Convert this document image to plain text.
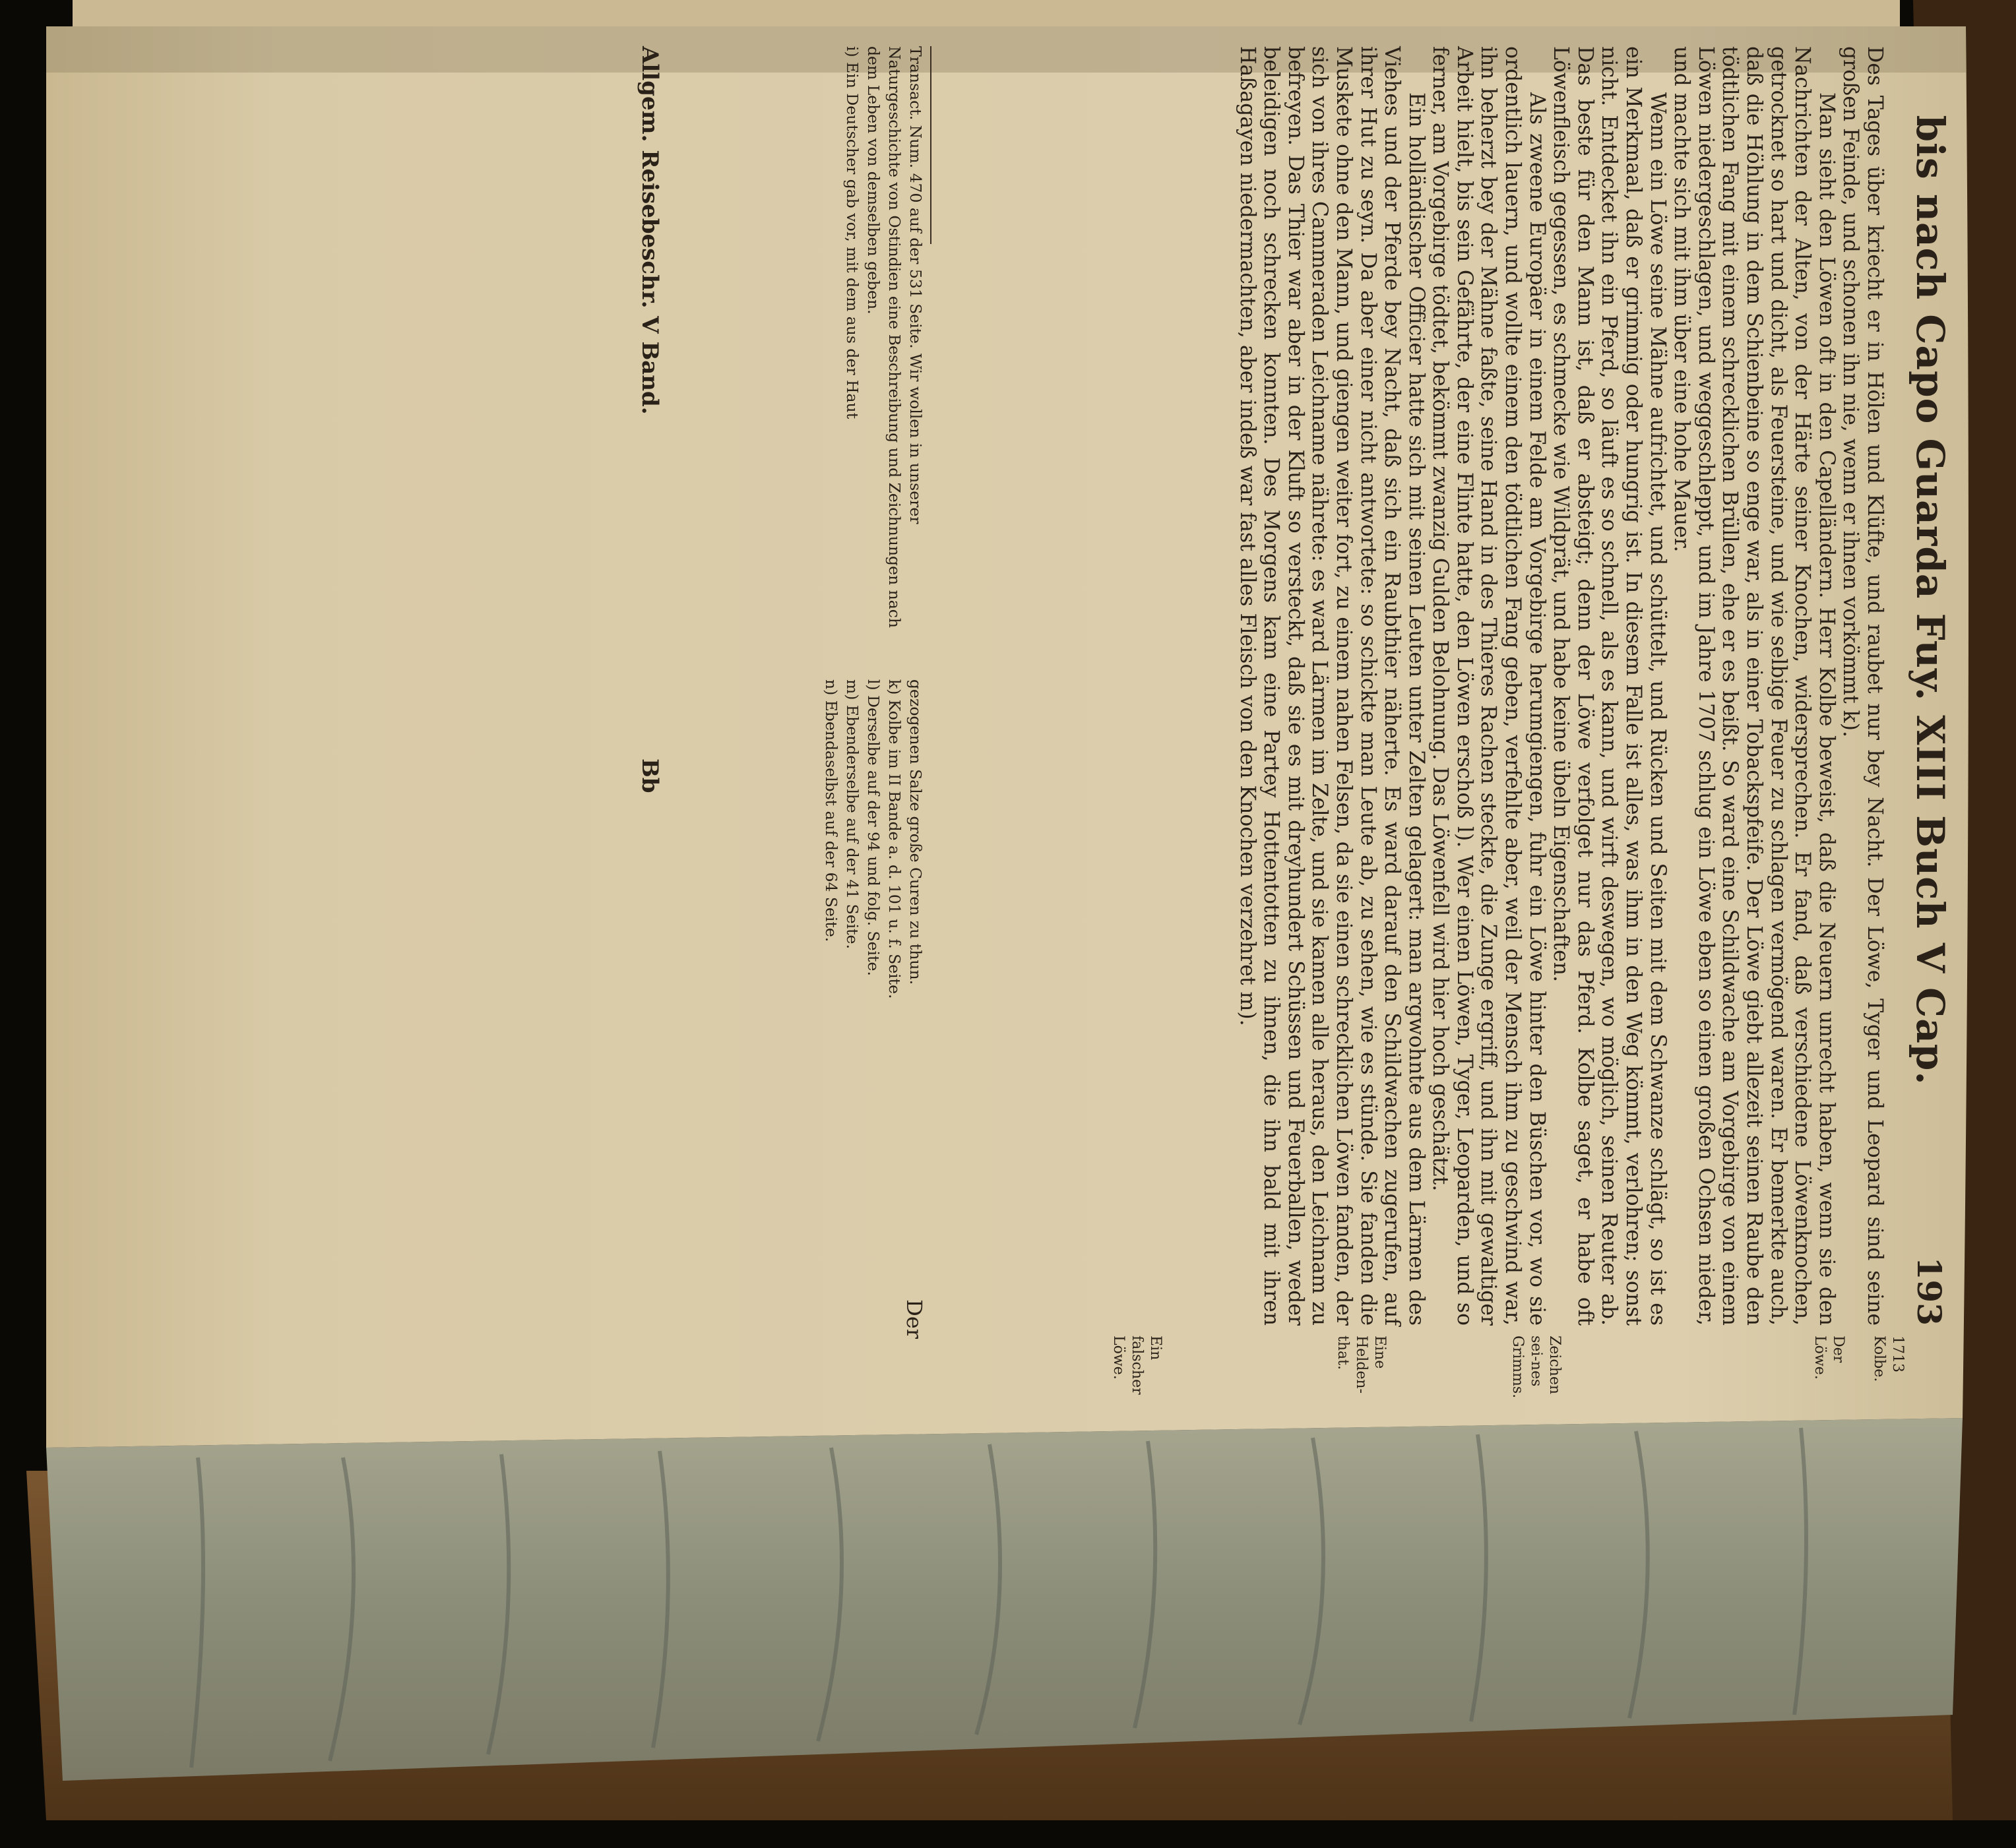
bis nach Capo Guarda Fuy. XIII Buch V Cap.
193
1713 Kolbe.
Der Löwe.
Zeichen sei-nes Grimms.
Eine Helden-that.
Ein falscher Löwe.

Des Tages über kriecht er in Hölen und Klüfte, und raubet nur bey Nacht. Der Löwe, Tyger und Leopard sind seine großen Feinde, und schonen ihn nie, wenn er ihnen vorkömmt k).

Man sieht den Löwen oft in den Capelländern. Herr Kolbe beweist, daß die Neuern unrecht haben, wenn sie den Nachrichten der Alten, von der Härte seiner Knochen, widersprechen. Er fand, daß verschiedene Löwenknochen, getrocknet so hart und dicht, als Feuersteine, und wie selbige Feuer zu schlagen vermögend waren. Er bemerkte auch, daß die Höhlung in dem Schienbeine so enge war, als in einer Tobackspfeife. Der Löwe giebt allezeit seinen Raube den tödtlichen Fang mit einem schrecklichen Brüllen, ehe er es beißt. So ward eine Schildwache am Vorgebirge von einem Löwen niedergeschlagen, und weggeschleppt, und im Jahre 1707 schlug ein Löwe eben so einen großen Ochsen nieder, und machte sich mit ihm über eine hohe Mauer.

Wenn ein Löwe seine Mähne aufrichtet, und schüttelt, und Rücken und Seiten mit dem Schwanze schlägt, so ist es ein Merkmaal, daß er grimmig oder hungrig ist. In diesem Falle ist alles, was ihm in den Weg kömmt, verlohren; sonst nicht. Entdecket ihn ein Pferd, so läuft es so schnell, als es kann, und wirft deswegen, wo möglich, seinen Reuter ab. Das beste für den Mann ist, daß er absteigt; denn der Löwe verfolget nur das Pferd. Kolbe saget, er habe oft Löwenfleisch gegessen, es schmecke wie Wildprät, und habe keine übeln Eigenschaften.

Als zweene Europäer in einem Felde am Vorgebirge herumgiengen, fuhr ein Löwe hinter den Büschen vor, wo sie ordentlich lauern, und wollte einem den tödtlichen Fang geben, verfehlte aber, weil der Mensch ihm zu geschwind war, ihn beherzt bey der Mähne faßte, seine Hand in des Thieres Rachen steckte, die Zunge ergriff, und ihn mit gewaltiger Arbeit hielt, bis sein Gefährte, der eine Flinte hatte, den Löwen erschoß l). Wer einen Löwen, Tyger, Leoparden, und so ferner, am Vorgebirge tödtet, bekömmt zwanzig Gulden Belohnung. Das Löwenfell wird hier hoch geschätzt.

Ein holländischer Officier hatte sich mit seinen Leuten unter Zelten gelagert: man argwohnte aus dem Lärmen des Viehes und der Pferde bey Nacht, daß sich ein Raubthier näherte. Es ward darauf den Schildwachen zugerufen, auf ihrer Hut zu seyn. Da aber einer nicht antwortete: so schickte man Leute ab, zu sehen, wie es stünde. Sie fanden die Muskete ohne den Mann, und giengen weiter fort, zu einem nahen Felsen, da sie einen schrecklichen Löwen fanden, der sich von ihres Cammeraden Leichname nährete: es ward Lärmen im Zelte, und sie kamen alle heraus, den Leichnam zu befreyen. Das Thier war aber in der Kluft so versteckt, daß sie es mit dreyhundert Schüssen und Feuerballen, weder beleidigen noch schrecken konnten. Des Morgens kam eine Parteу Hottentotten zu ihnen, die ihn bald mit ihren Haßagayen niedermachten, aber indeß war fast alles Fleisch von den Knochen verzehret m).

Der

Transact. Num. 470 auf der 531 Seite. Wir wollen in unserer Naturgeschichte von Ostindien eine Beschreibung und Zeichnungen nach dem Leben von demselben geben.

i) Ein Deutscher gab vor, mit dem aus der Haut

gezogenen Salze große Curen zu thun.

k) Kolbe im II Bande a. d. 101 u. f. Seite.

l) Derselbe auf der 94 und folg. Seite.

m) Ebenderselbe auf der 41 Seite.

n) Ebendaselbst auf der 64 Seite.

Allgem. Reisebeschr. V Band.
Bb
